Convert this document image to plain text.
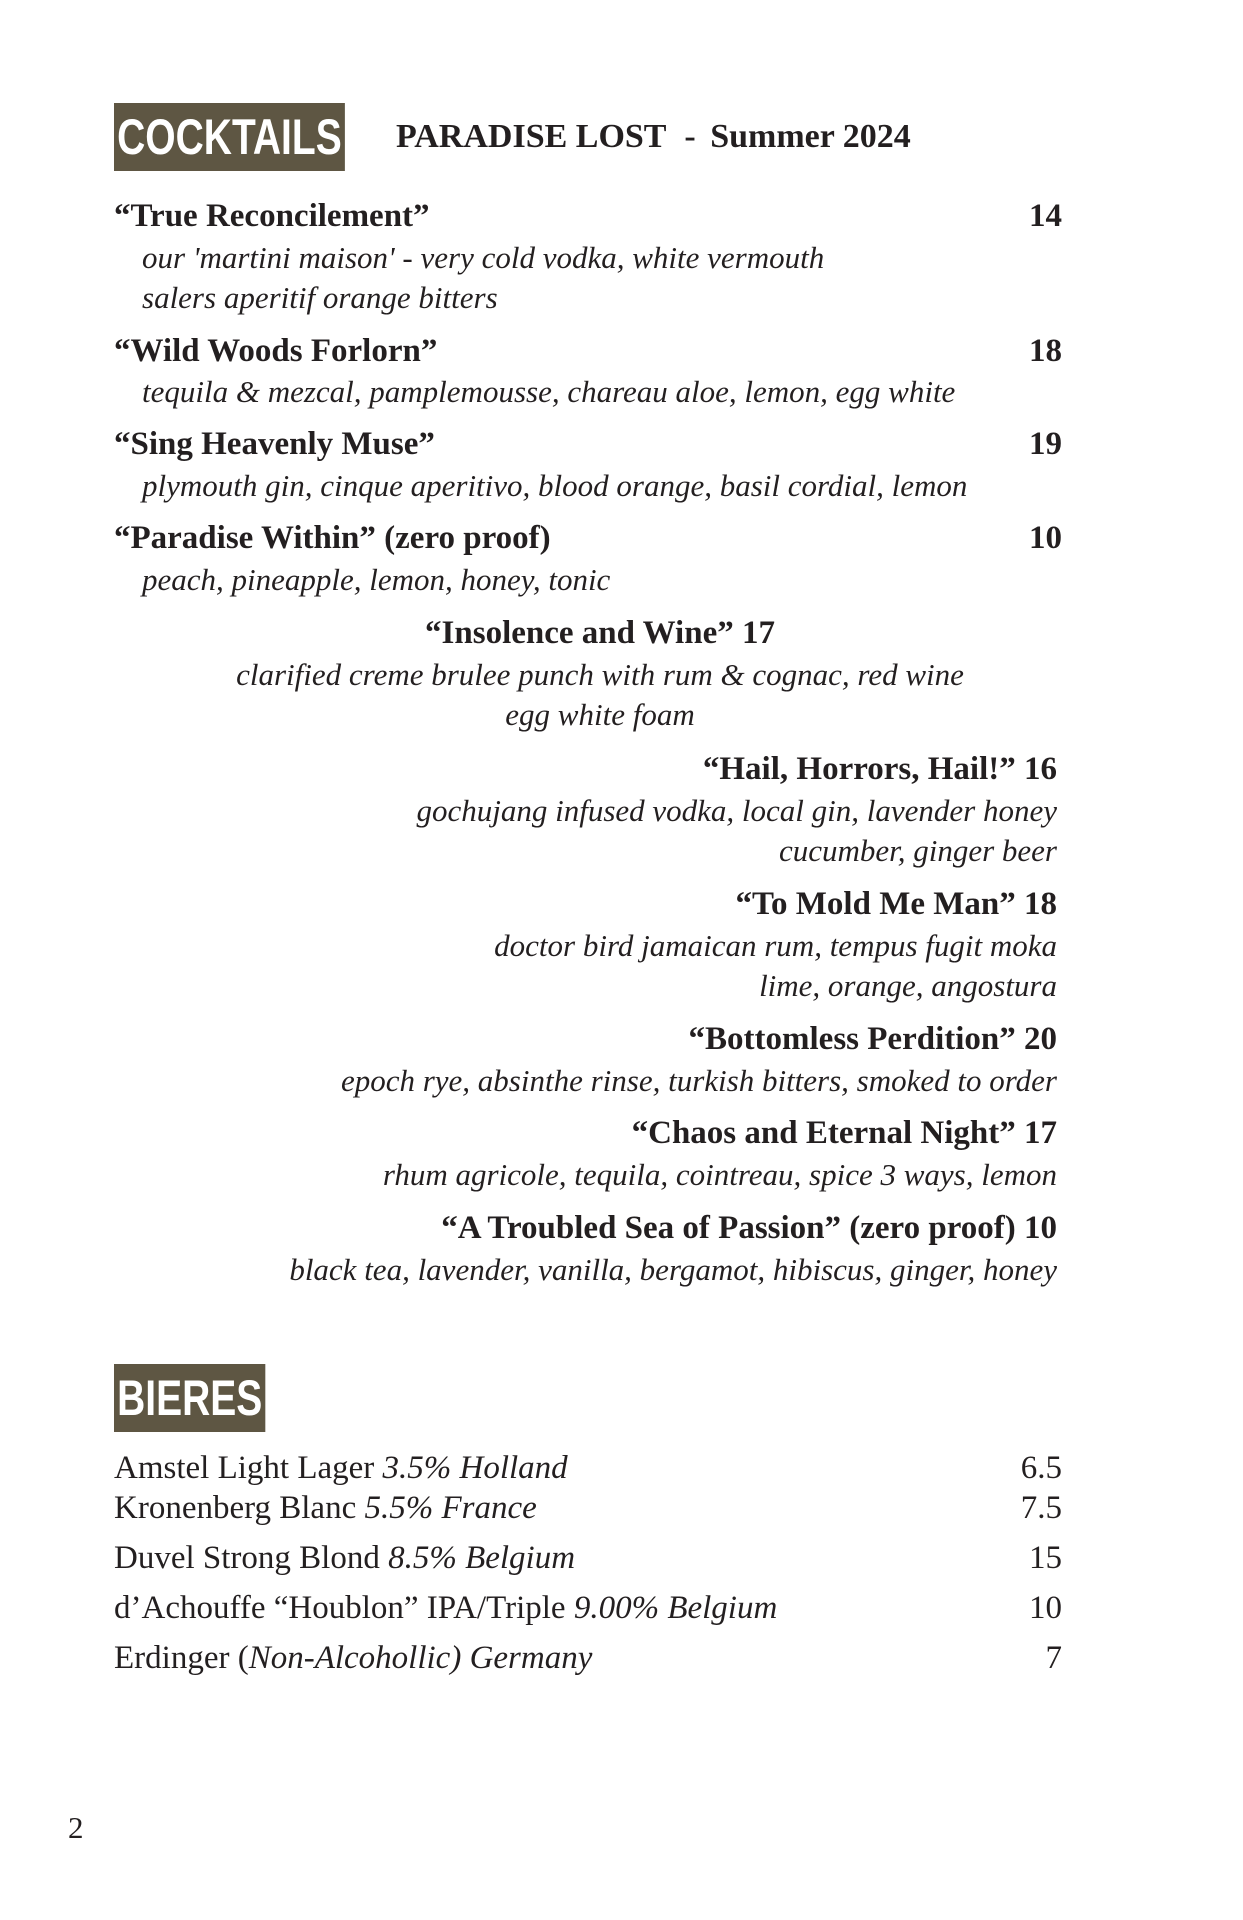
COCKTAILS PARADISE LOST - Summer 2024
“True Reconcilement”	14
our 'martini maison' - very cold vodka, white vermouth
salers aperitif orange bitters
“Wild Woods Forlorn”	18
tequila & mezcal, pamplemousse, chareau aloe, lemon, egg white
“Sing Heavenly Muse”	19
plymouth gin, cinque aperitivo, blood orange, basil cordial, lemon
“Paradise Within” (zero proof)	10
peach, pineapple, lemon, honey, tonic
“Insolence and Wine” 17
clarified creme brulee punch with rum & cognac, red wine
egg white foam
“Hail, Horrors, Hail!” 16
gochujang infused vodka, local gin, lavender honey
cucumber, ginger beer
“To Mold Me Man” 18
doctor bird jamaican rum, tempus fugit moka
lime, orange, angostura
“Bottomless Perdition” 20
epoch rye, absinthe rinse, turkish bitters, smoked to order
“Chaos and Eternal Night” 17
rhum agricole, tequila, cointreau, spice 3 ways, lemon
“A Troubled Sea of Passion” (zero proof) 10
black tea, lavender, vanilla, bergamot, hibiscus, ginger, honey
BIERES
Amstel Light Lager 3.5% Holland	6.5
Kronenberg Blanc 5.5% France	7.5
Duvel Strong Blond 8.5% Belgium	15
d’Achouffe “Houblon” IPA/Triple 9.00% Belgium	10
Erdinger (Non-Alcohollic) Germany	7
2
